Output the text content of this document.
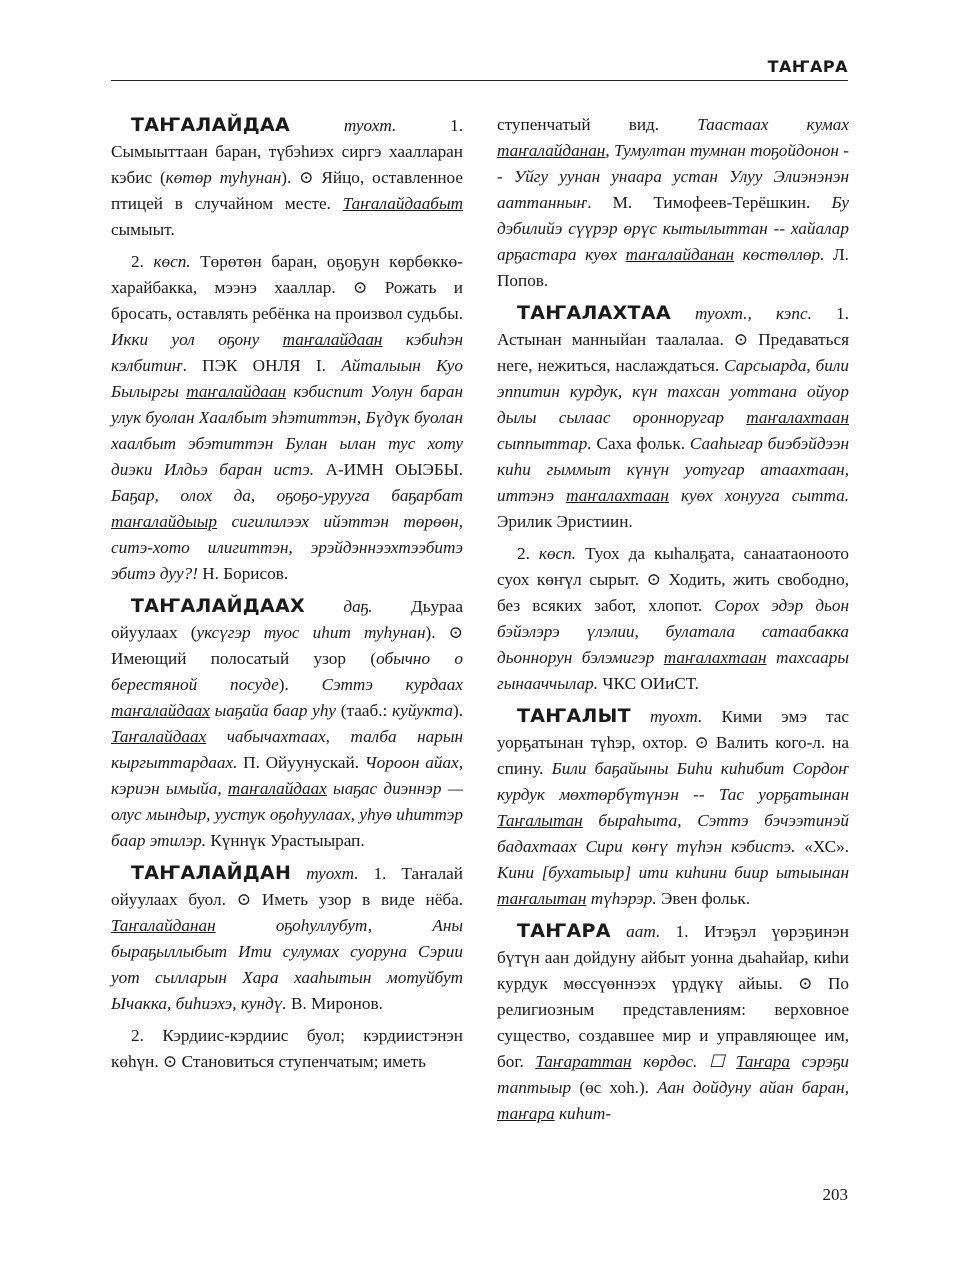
ТАҤАРА

ТАҤАЛАЙДАА	туохт. 1. Сымыыттаан баран, түбэһиэх сиргэ хаалларан кэбис (көтөр туһунан). ⊙ Яйцо, оставленное птицей в случайном месте. Таҥалайдаабыт сымыыт.

2. көсп. Төрөтөн баран, оҕоҕун көрбөккө-харайбакка, мээнэ хааллар. ⊙ Рожать и бросать, оставлять ребёнка на произвол судьбы. Икки уол оҕону таҥалайдаан кэбиһэн кэлбитиҥ. ПЭК ОНЛЯ I. Айталыын Куо Былыргы таҥалайдаан кэбиспит Уолун баран улук буолан Хаалбыт эһэтиттэн, Бүдүк буолан хаалбыт эбэтиттэн Булан ылан тус хоту диэки Илдьэ баран истэ. А-ИМН ОЫЭБЫ. Баҕар, олох да, оҕоҕо-уруугa баҕарбат таҥалайдыыр сигилилээх ийэттэн төрөөн, ситэ-хото илигиттэн, эрэйдэннээхтээбитэ эбитэ дуу?! Н. Борисов.

ТАҤАЛАЙДААХ даҕ. Дьураа ойуулаах (уксүгэр туос иһит туһунан). ⊙ Имеющий полосатый узор (обычно о берестяной посуде). Сэттэ курдаах таҥалайдаах ыаҕайа баар уһу (тааб.: куйукта). Таҥалайдаах чабычахтаах, талба нарын кыргыттардаах. П. Ойуунускай. Чороон айах, кэриэн ымыйа, таҥалайдаах ыаҕас диэннэр — олус мындыр, уустук оҕоһуулаах, уһуө иһиттэр баар этилэр. Күннүк Урастыырап.

ТАҤАЛАЙДАН туохт. 1. Таҥалай ойуулаах буол. ⊙ Иметь узор в виде нёба. Таҥалайданан оҕоһуллубут, Аны бырaҕыллыбыт Ити сулумах суоруна Сэрии уот сылларын Хара хааһытын мотуйбут Ычакка, биһиэхэ, кундү. В. Миронов.

2. Кэрдиис-кэрдиис буол; кэрдиистэнэн көһүн. ⊙ Становиться ступенчатым; иметь

ступенчатый вид. Таастаах кумах таҥалайданан, Тумултан тумнан тоҕойдонон -- Уйгу уунан унаара устан Улуу Элиэнэнэн ааттанныҥ. М. Тимофеев-Терёшкин. Бу дэбилийэ сүүрэр өрүс кытылыттан -- хайалар арҕастара куөх таҥалайданан көстөллөр. Л. Попов.

ТАҤАЛАХТАА туохт., кэпс. 1. Астынан манныйан таалалаа. ⊙ Предаваться неге, нежиться, наслаждаться. Сарсыарда, били эппитин курдук, күн тахсан уоттана ойуор дылы сылаас оронноругар таҥалахтаан сыппыттар. Саха фольк. Сааһыгар биэбэйдээн киһи гыммыт күнүн уотугар атаахтаан, иттэнэ таҥалахтаан куөх хонууга сытта. Эрилик Эристиин.

2. көсп. Туох да кыһалҕата, санаатаоноото суох көҥүл сырыт. ⊙ Ходить, жить свободно, без всяких забот, хлопот. Сорох эдэр дьон бэйэлэрэ үлэлии, булатала сатаабакка дьоннорун бэлэмигэр таҥалахтаан тахсаары гынааччылар. ЧКС ОИиСТ.

ТАҤАЛЫТ туохт. Кими эмэ тас уорҕатынан түһэр, охтор. ⊙ Валить кого-л. на спину. Били баҕайыны Биһи киһибит Сордоҥ курдук мөхтөрбүтүнэн -- Тас уорҕатынан Таҥалытан быраһыта, Сэттэ бэчээтинэй бадахтаах Сири көҥү түһэн кэбистэ. «ХС». Кини [бухатыыр] ити киһини биир ытыынан таҥалытан түһэрэр. Эвен фольк.

ТАҤАРА аат. 1. Итэҕэл үөрэҕинэн бүтүн аан дойдуну айбыт уонна дьаһайар, киһи курдук мөссүөннээх үрдүкү айыы. ⊙ По религиозным представлениям: верховное существо, создавшее мир и управляющее им, бог. Таҥараттан көрдөс. ☐ Таҥара сэрэҕи таптыыр (өс хоһ.). Аан дойдуну айан баран, таҥара киһит-

203
